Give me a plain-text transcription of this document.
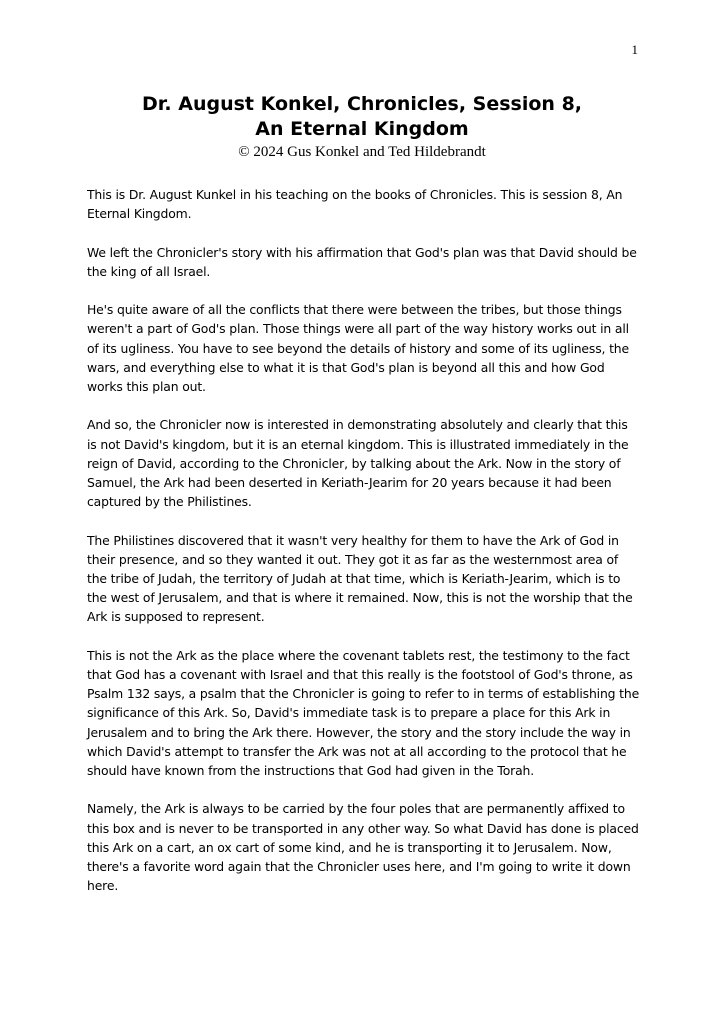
1
Dr. August Konkel, Chronicles, Session 8,
An Eternal Kingdom
© 2024 Gus Konkel and Ted Hildebrandt

This is Dr. August Kunkel in his teaching on the books of Chronicles. This is session 8, An Eternal Kingdom.

We left the Chronicler's story with his affirmation that God's plan was that David should be the king of all Israel.

He's quite aware of all the conflicts that there were between the tribes, but those things weren't a part of God's plan. Those things were all part of the way history works out in all of its ugliness. You have to see beyond the details of history and some of its ugliness, the wars, and everything else to what it is that God's plan is beyond all this and how God works this plan out.

And so, the Chronicler now is interested in demonstrating absolutely and clearly that this is not David's kingdom, but it is an eternal kingdom. This is illustrated immediately in the reign of David, according to the Chronicler, by talking about the Ark. Now in the story of Samuel, the Ark had been deserted in Keriath-Jearim for 20 years because it had been captured by the Philistines.

The Philistines discovered that it wasn't very healthy for them to have the Ark of God in their presence, and so they wanted it out. They got it as far as the westernmost area of the tribe of Judah, the territory of Judah at that time, which is Keriath-Jearim, which is to the west of Jerusalem, and that is where it remained. Now, this is not the worship that the Ark is supposed to represent.

This is not the Ark as the place where the covenant tablets rest, the testimony to the fact that God has a covenant with Israel and that this really is the footstool of God's throne, as Psalm 132 says, a psalm that the Chronicler is going to refer to in terms of establishing the significance of this Ark. So, David's immediate task is to prepare a place for this Ark in Jerusalem and to bring the Ark there. However, the story and the story include the way in which David's attempt to transfer the Ark was not at all according to the protocol that he should have known from the instructions that God had given in the Torah.

Namely, the Ark is always to be carried by the four poles that are permanently affixed to this box and is never to be transported in any other way. So what David has done is placed this Ark on a cart, an ox cart of some kind, and he is transporting it to Jerusalem. Now, there's a favorite word again that the Chronicler uses here, and I'm going to write it down here.
